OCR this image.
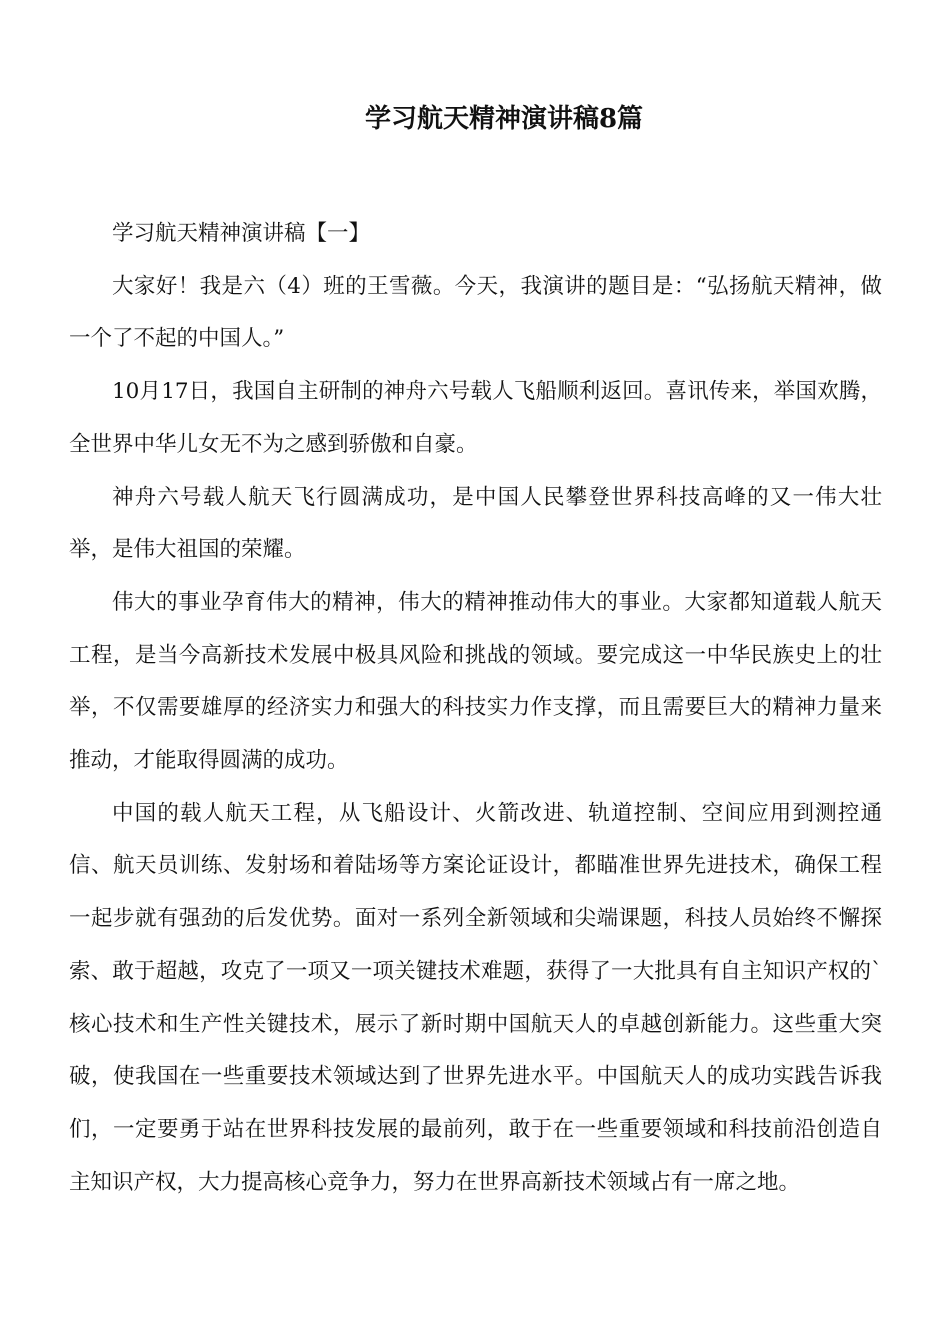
学习航天精神演讲稿8篇

学习航天精神演讲稿【一】

大家好！我是六（4）班的王雪薇。今天，我演讲的题目是：“弘扬航天精神，做一个了不起的中国人。”

10月17日，我国自主研制的神舟六号载人飞船顺利返回。喜讯传来，举国欢腾，全世界中华儿女无不为之感到骄傲和自豪。

神舟六号载人航天飞行圆满成功，是中国人民攀登世界科技高峰的又一伟大壮举，是伟大祖国的荣耀。

伟大的事业孕育伟大的精神，伟大的精神推动伟大的事业。大家都知道载人航天工程，是当今高新技术发展中极具风险和挑战的领域。要完成这一中华民族史上的壮举，不仅需要雄厚的经济实力和强大的科技实力作支撑，而且需要巨大的精神力量来推动，才能取得圆满的成功。

中国的载人航天工程，从飞船设计、火箭改进、轨道控制、空间应用到测控通信、航天员训练、发射场和着陆场等方案论证设计，都瞄准世界先进技术，确保工程一起步就有强劲的后发优势。面对一系列全新领域和尖端课题，科技人员始终不懈探索、敢于超越，攻克了一项又一项关键技术难题，获得了一大批具有自主知识产权的`核心技术和生产性关键技术，展示了新时期中国航天人的卓越创新能力。这些重大突破，使我国在一些重要技术领域达到了世界先进水平。中国航天人的成功实践告诉我们，一定要勇于站在世界科技发展的最前列，敢于在一些重要领域和科技前沿创造自主知识产权，大力提高核心竞争力，努力在世界高新技术领域占有一席之地。
